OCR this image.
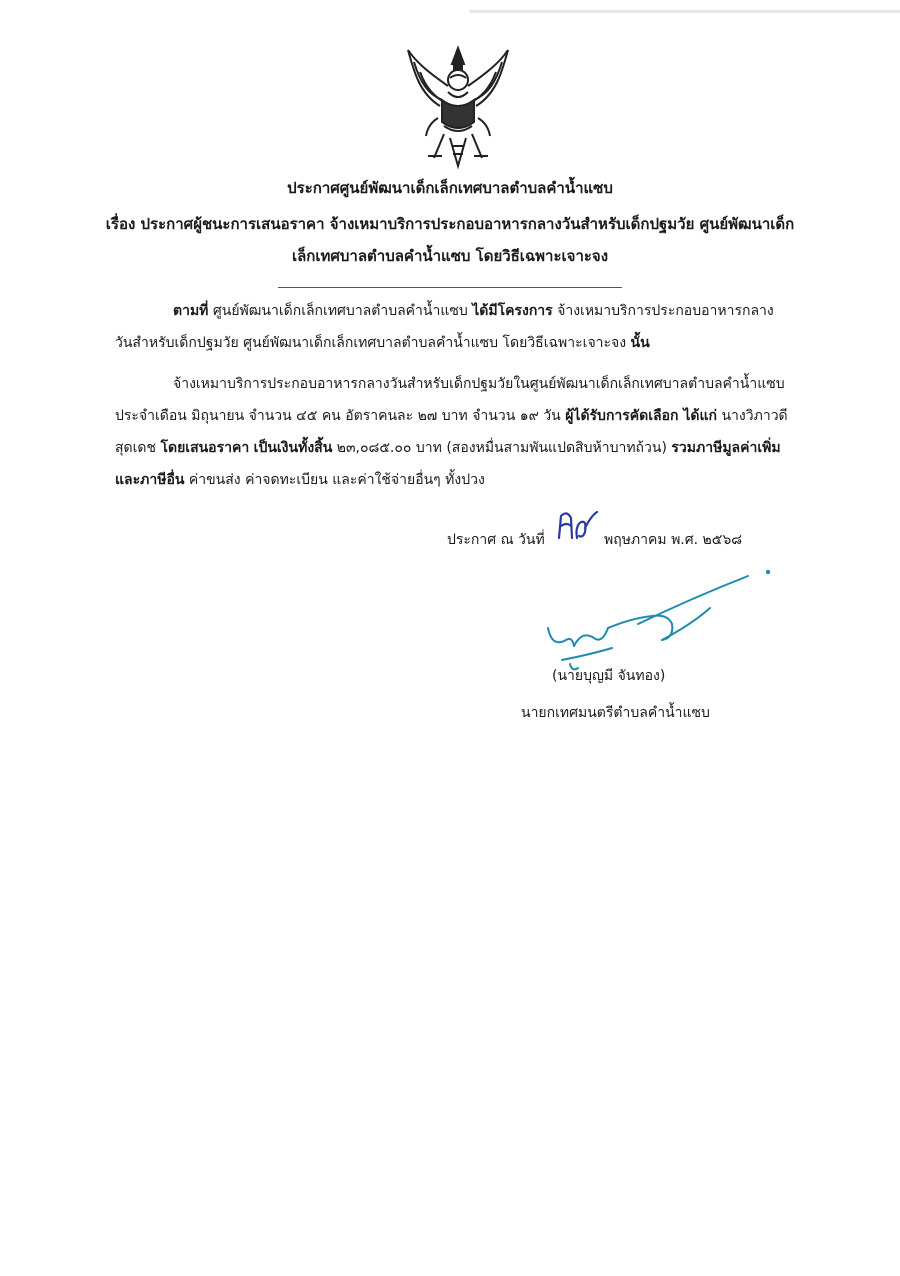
ประกาศศูนย์พัฒนาเด็กเล็กเทศบาลตำบลคำน้ำแซบ
เรื่อง ประกาศผู้ชนะการเสนอราคา จ้างเหมาบริการประกอบอาหารกลางวันสำหรับเด็กปฐมวัย ศูนย์พัฒนาเด็ก
เล็กเทศบาลตำบลคำน้ำแซบ โดยวิธีเฉพาะเจาะจง
ตามที่ ศูนย์พัฒนาเด็กเล็กเทศบาลตำบลคำน้ำแซบ ได้มีโครงการ จ้างเหมาบริการประกอบอาหารกลาง
วันสำหรับเด็กปฐมวัย ศูนย์พัฒนาเด็กเล็กเทศบาลตำบลคำน้ำแซบ โดยวิธีเฉพาะเจาะจง นั้น
จ้างเหมาบริการประกอบอาหารกลางวันสำหรับเด็กปฐมวัยในศูนย์พัฒนาเด็กเล็กเทศบาลตำบลคำน้ำแซบ
ประจำเดือน มิถุนายน จำนวน ๔๕ คน อัตราคนละ ๒๗ บาท จำนวน ๑๙ วัน ผู้ได้รับการคัดเลือก ได้แก่ นางวิภาวดี
สุดเดช โดยเสนอราคา เป็นเงินทั้งสิ้น ๒๓,๐๘๕.๐๐ บาท (สองหมื่นสามพันแปดสิบห้าบาทถ้วน) รวมภาษีมูลค่าเพิ่ม
และภาษีอื่น ค่าขนส่ง ค่าจดทะเบียน และค่าใช้จ่ายอื่นๆ ทั้งปวง
ประกาศ ณ วันที่	พฤษภาคม พ.ศ. ๒๕๖๘
(นายบุญมี จันทอง)
นายกเทศมนตรีตำบลคำน้ำแซบ
